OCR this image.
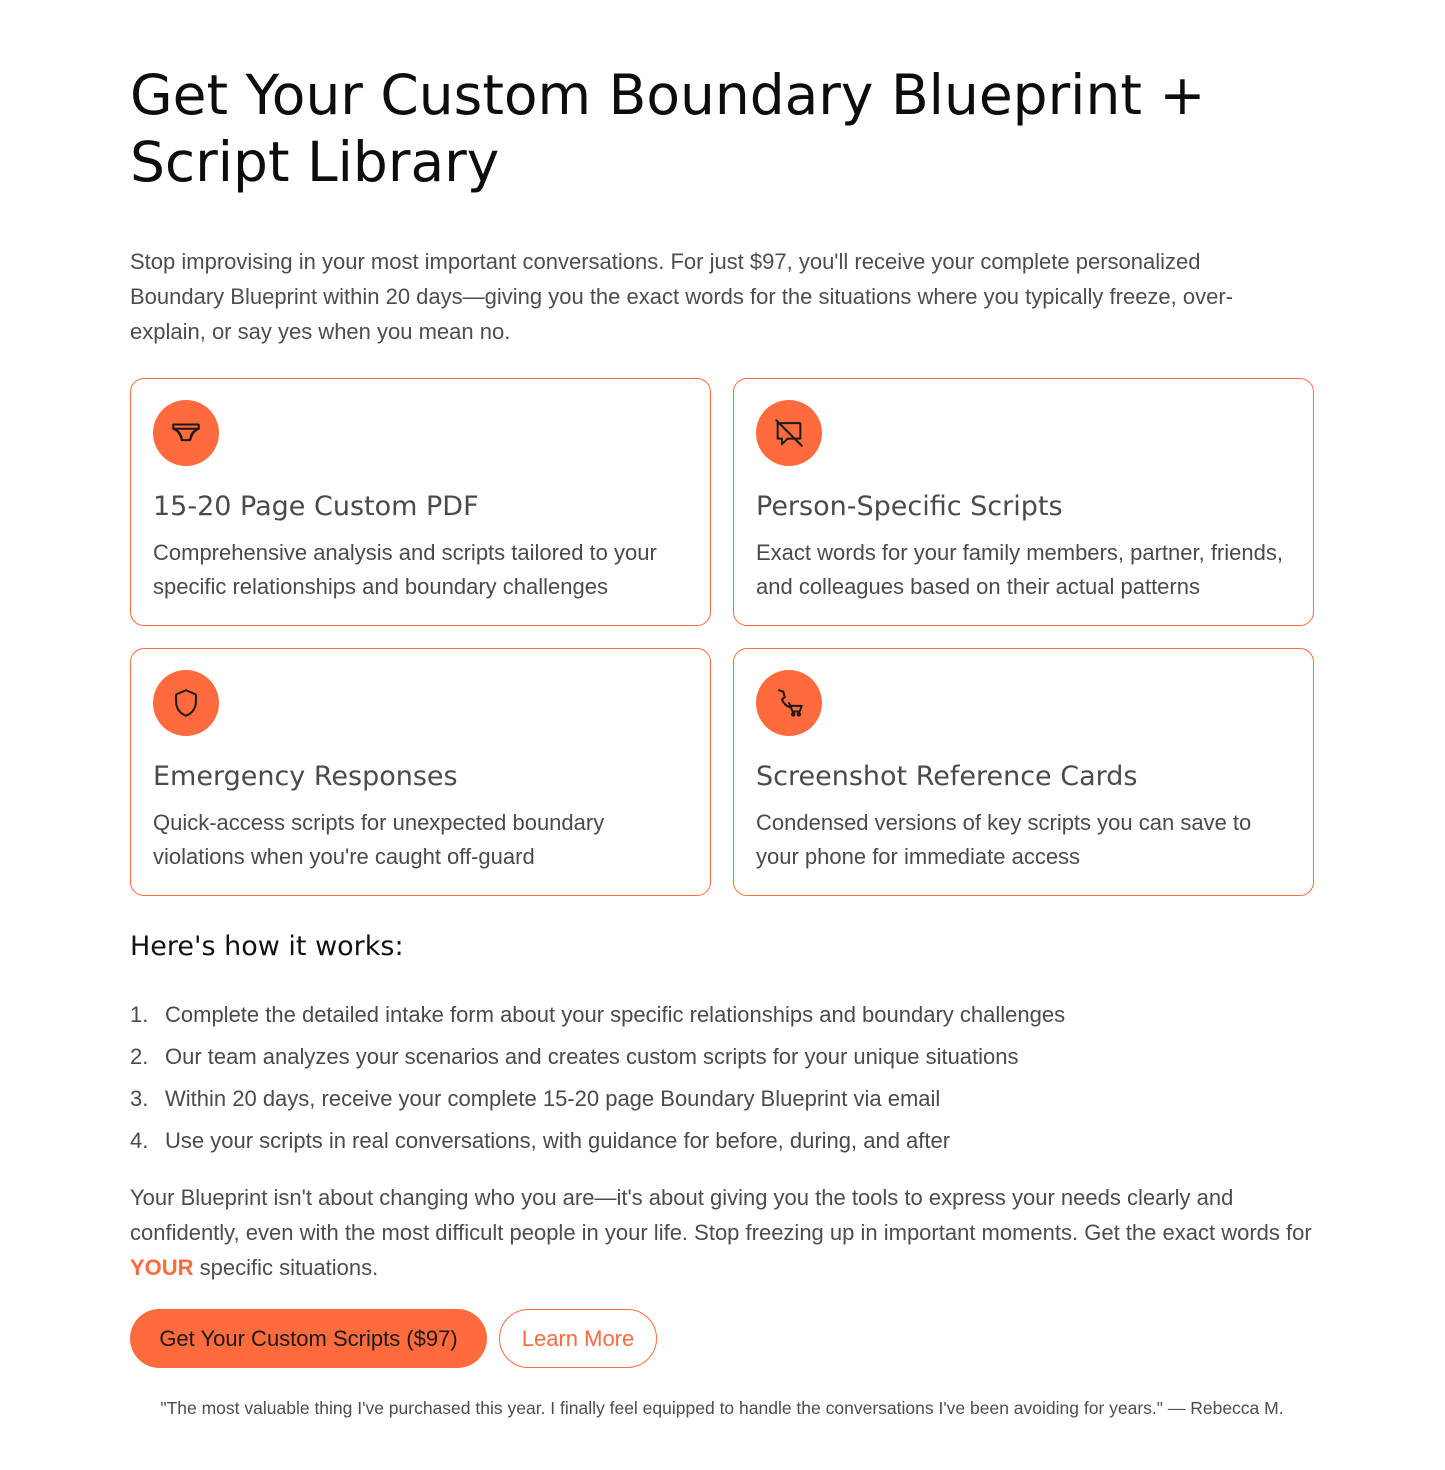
Get Your Custom Boundary Blueprint + Script Library

Stop improvising in your most important conversations. For just $97, you'll receive your complete personalized Boundary Blueprint within 20 days—giving you the exact words for the situations where you typically freeze, over-explain, or say yes when you mean no.

15-20 Page Custom PDF
Comprehensive analysis and scripts tailored to your specific relationships and boundary challenges
Person-Specific Scripts
Exact words for your family members, partner, friends, and colleagues based on their actual patterns
Emergency Responses
Quick-access scripts for unexpected boundary violations when you're caught off-guard
Screenshot Reference Cards
Condensed versions of key scripts you can save to your phone for immediate access
Here's how it works:
1. Complete the detailed intake form about your specific relationships and boundary challenges
2. Our team analyzes your scenarios and creates custom scripts for your unique situations
3. Within 20 days, receive your complete 15-20 page Boundary Blueprint via email
4. Use your scripts in real conversations, with guidance for before, during, and after

Your Blueprint isn't about changing who you are—it's about giving you the tools to express your needs clearly and confidently, even with the most difficult people in your life. Stop freezing up in important moments. Get the exact words for YOUR specific situations.

Get Your Custom Scripts ($97)	Learn More

"The most valuable thing I've purchased this year. I finally feel equipped to handle the conversations I've been avoiding for years." — Rebecca M.
